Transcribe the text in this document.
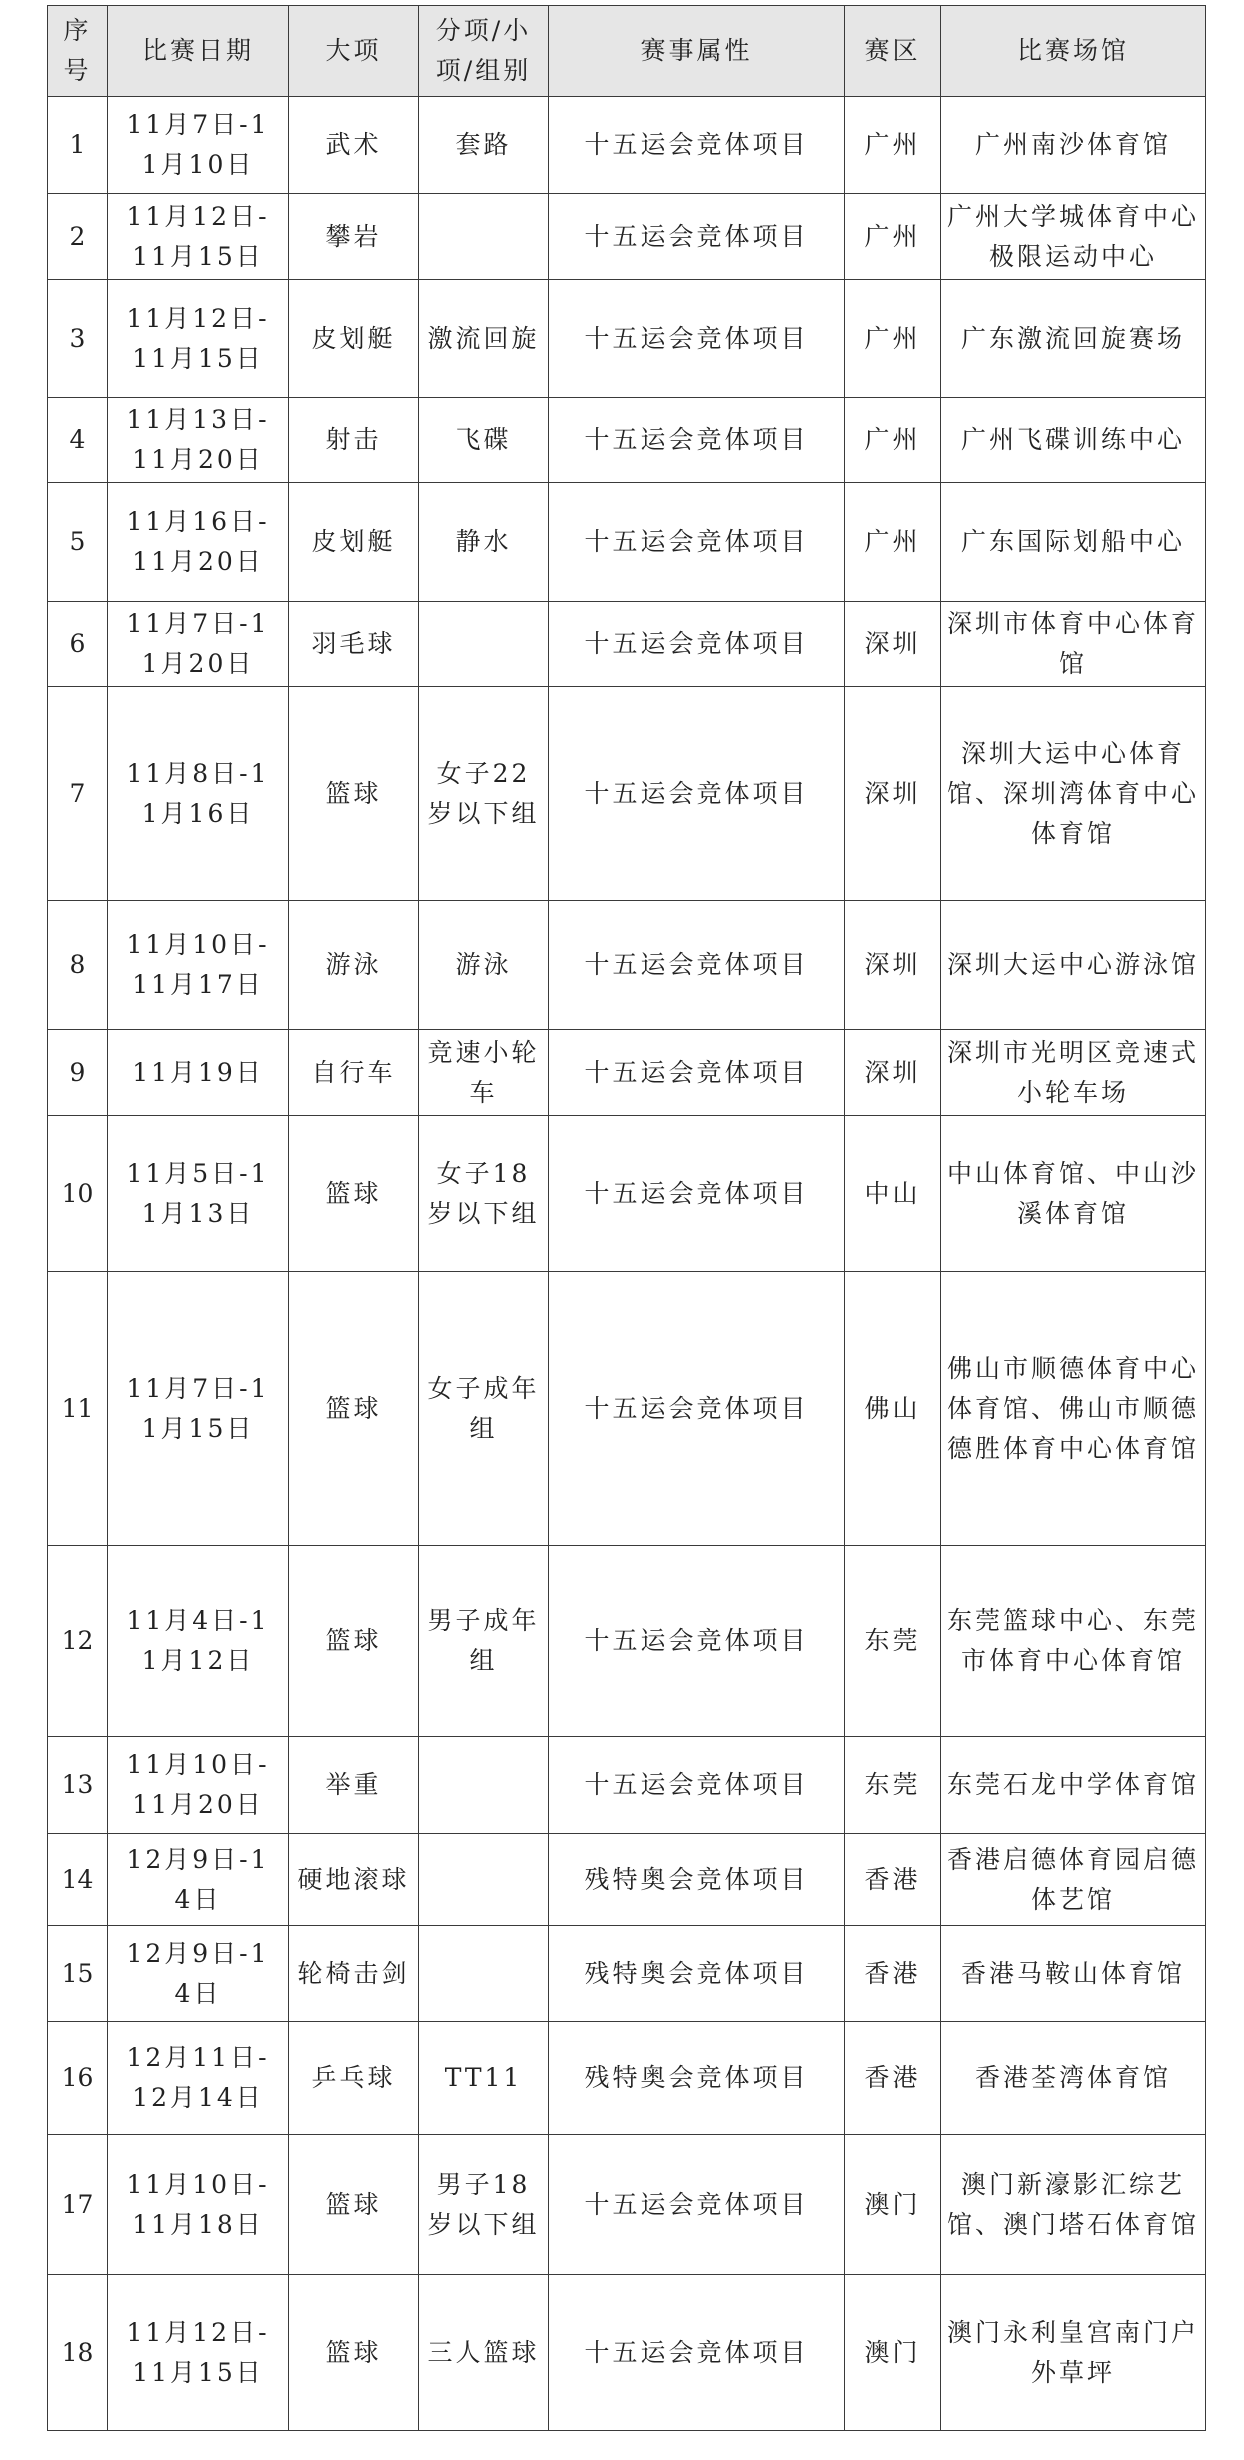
序号	比赛日期	大项	分项/小项/组别	赛事属性	赛区	比赛场馆
1	11月7日-11月10日	武术	套路	十五运会竞体项目	广州	广州南沙体育馆
2	11月12日-11月15日	攀岩		十五运会竞体项目	广州	广州大学城体育中心极限运动中心
3	11月12日-11月15日	皮划艇	激流回旋	十五运会竞体项目	广州	广东激流回旋赛场
4	11月13日-11月20日	射击	飞碟	十五运会竞体项目	广州	广州飞碟训练中心
5	11月16日-11月20日	皮划艇	静水	十五运会竞体项目	广州	广东国际划船中心
6	11月7日-11月20日	羽毛球		十五运会竞体项目	深圳	深圳市体育中心体育馆
7	11月8日-11月16日	篮球	女子22岁以下组	十五运会竞体项目	深圳	深圳大运中心体育馆、深圳湾体育中心体育馆
8	11月10日-11月17日	游泳	游泳	十五运会竞体项目	深圳	深圳大运中心游泳馆
9	11月19日	自行车	竞速小轮车	十五运会竞体项目	深圳	深圳市光明区竞速式小轮车场
10	11月5日-11月13日	篮球	女子18岁以下组	十五运会竞体项目	中山	中山体育馆、中山沙溪体育馆
11	11月7日-11月15日	篮球	女子成年组	十五运会竞体项目	佛山	佛山市顺德体育中心体育馆、佛山市顺德德胜体育中心体育馆
12	11月4日-11月12日	篮球	男子成年组	十五运会竞体项目	东莞	东莞篮球中心、东莞市体育中心体育馆
13	11月10日-11月20日	举重		十五运会竞体项目	东莞	东莞石龙中学体育馆
14	12月9日-14日	硬地滚球		残特奥会竞体项目	香港	香港启德体育园启德体艺馆
15	12月9日-14日	轮椅击剑		残特奥会竞体项目	香港	香港马鞍山体育馆
16	12月11日-12月14日	乒乓球	TT11	残特奥会竞体项目	香港	香港荃湾体育馆
17	11月10日-11月18日	篮球	男子18岁以下组	十五运会竞体项目	澳门	澳门新濠影汇综艺馆、澳门塔石体育馆
18	11月12日-11月15日	篮球	三人篮球	十五运会竞体项目	澳门	澳门永利皇宫南门户外草坪
